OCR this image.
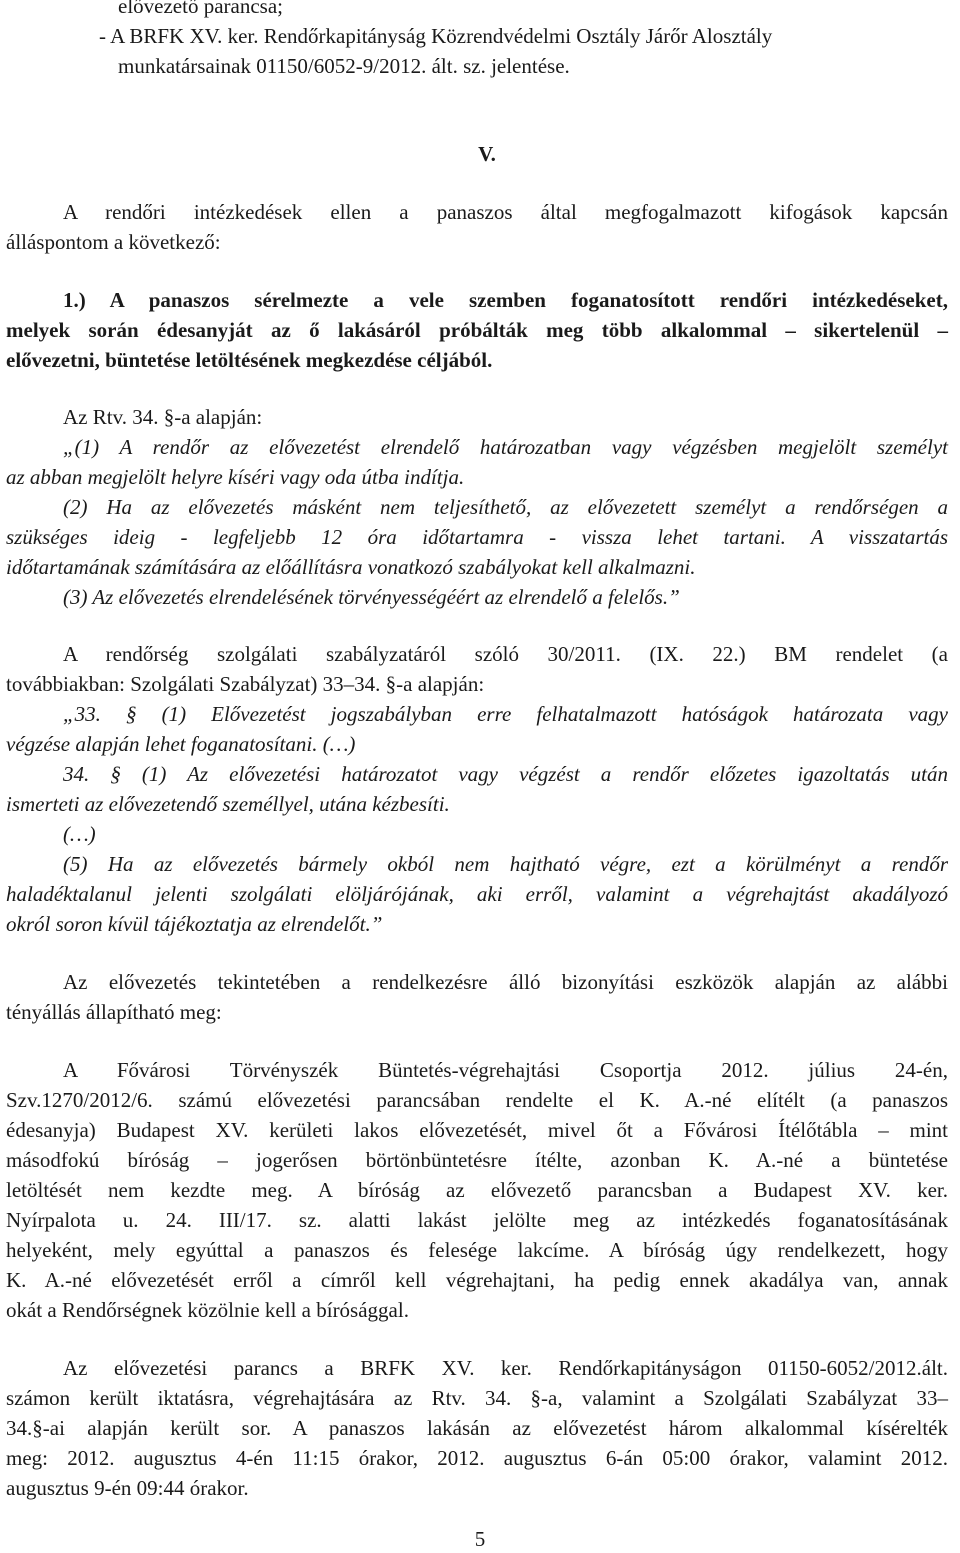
elővezető parancsa;
- A BRFK XV. ker. Rendőrkapitányság Közrendvédelmi Osztály Járőr Alosztály
munkatársainak 01150/6052-9/2012. ált. sz. jelentése.
V.
A rendőri intézkedések ellen a panaszos által megfogalmazott kifogások kapcsán
álláspontom a következő:
1.) A panaszos sérelmezte a vele szemben foganatosított rendőri intézkedéseket,
melyek során édesanyját az ő lakásáról próbálták meg több alkalommal – sikertelenül –
elővezetni, büntetése letöltésének megkezdése céljából.
Az Rtv. 34. §-a alapján:
„(1) A rendőr az elővezetést elrendelő határozatban vagy végzésben megjelölt személyt
az abban megjelölt helyre kíséri vagy oda útba indítja.
(2) Ha az elővezetés másként nem teljesíthető, az elővezetett személyt a rendőrségen a
szükséges ideig - legfeljebb 12 óra időtartamra - vissza lehet tartani. A visszatartás
időtartamának számítására az előállításra vonatkozó szabályokat kell alkalmazni.
(3) Az elővezetés elrendelésének törvényességéért az elrendelő a felelős.”
A rendőrség szolgálati szabályzatáról szóló 30/2011. (IX. 22.) BM rendelet (a
továbbiakban: Szolgálati Szabályzat) 33–34. §-a alapján:
„33. § (1) Elővezetést jogszabályban erre felhatalmazott hatóságok határozata vagy
végzése alapján lehet foganatosítani. (…)
34. § (1) Az elővezetési határozatot vagy végzést a rendőr előzetes igazoltatás után
ismerteti az elővezetendő személlyel, utána kézbesíti.
(…)
(5) Ha az elővezetés bármely okból nem hajtható végre, ezt a körülményt a rendőr
haladéktalanul jelenti szolgálati elöljárójának, aki erről, valamint a végrehajtást akadályozó
okról soron kívül tájékoztatja az elrendelőt.”
Az elővezetés tekintetében a rendelkezésre álló bizonyítási eszközök alapján az alábbi
tényállás állapítható meg:
A Fővárosi Törvényszék Büntetés-végrehajtási Csoportja 2012. július 24-én,
Szv.1270/2012/6. számú elővezetési parancsában rendelte el K. A.-né elítélt (a panaszos
édesanyja) Budapest XV. kerületi lakos elővezetését, mivel őt a Fővárosi Ítélőtábla – mint
másodfokú bíróság – jogerősen börtönbüntetésre ítélte, azonban K. A.-né a büntetése
letöltését nem kezdte meg. A bíróság az elővezető parancsban a Budapest XV. ker.
Nyírpalota u. 24. III/17. sz. alatti lakást jelölte meg az intézkedés foganatosításának
helyeként, mely egyúttal a panaszos és felesége lakcíme. A bíróság úgy rendelkezett, hogy
K. A.-né elővezetését erről a címről kell végrehajtani, ha pedig ennek akadálya van, annak
okát a Rendőrségnek közölnie kell a bírósággal.
Az elővezetési parancs a BRFK XV. ker. Rendőrkapitányságon 01150-6052/2012.ált.
számon került iktatásra, végrehajtására az Rtv. 34. §-a, valamint a Szolgálati Szabályzat 33–
34.§-ai alapján került sor. A panaszos lakásán az elővezetést három alkalommal kísérelték
meg: 2012. augusztus 4-én 11:15 órakor, 2012. augusztus 6-án 05:00 órakor, valamint 2012.
augusztus 9-én 09:44 órakor.
5
